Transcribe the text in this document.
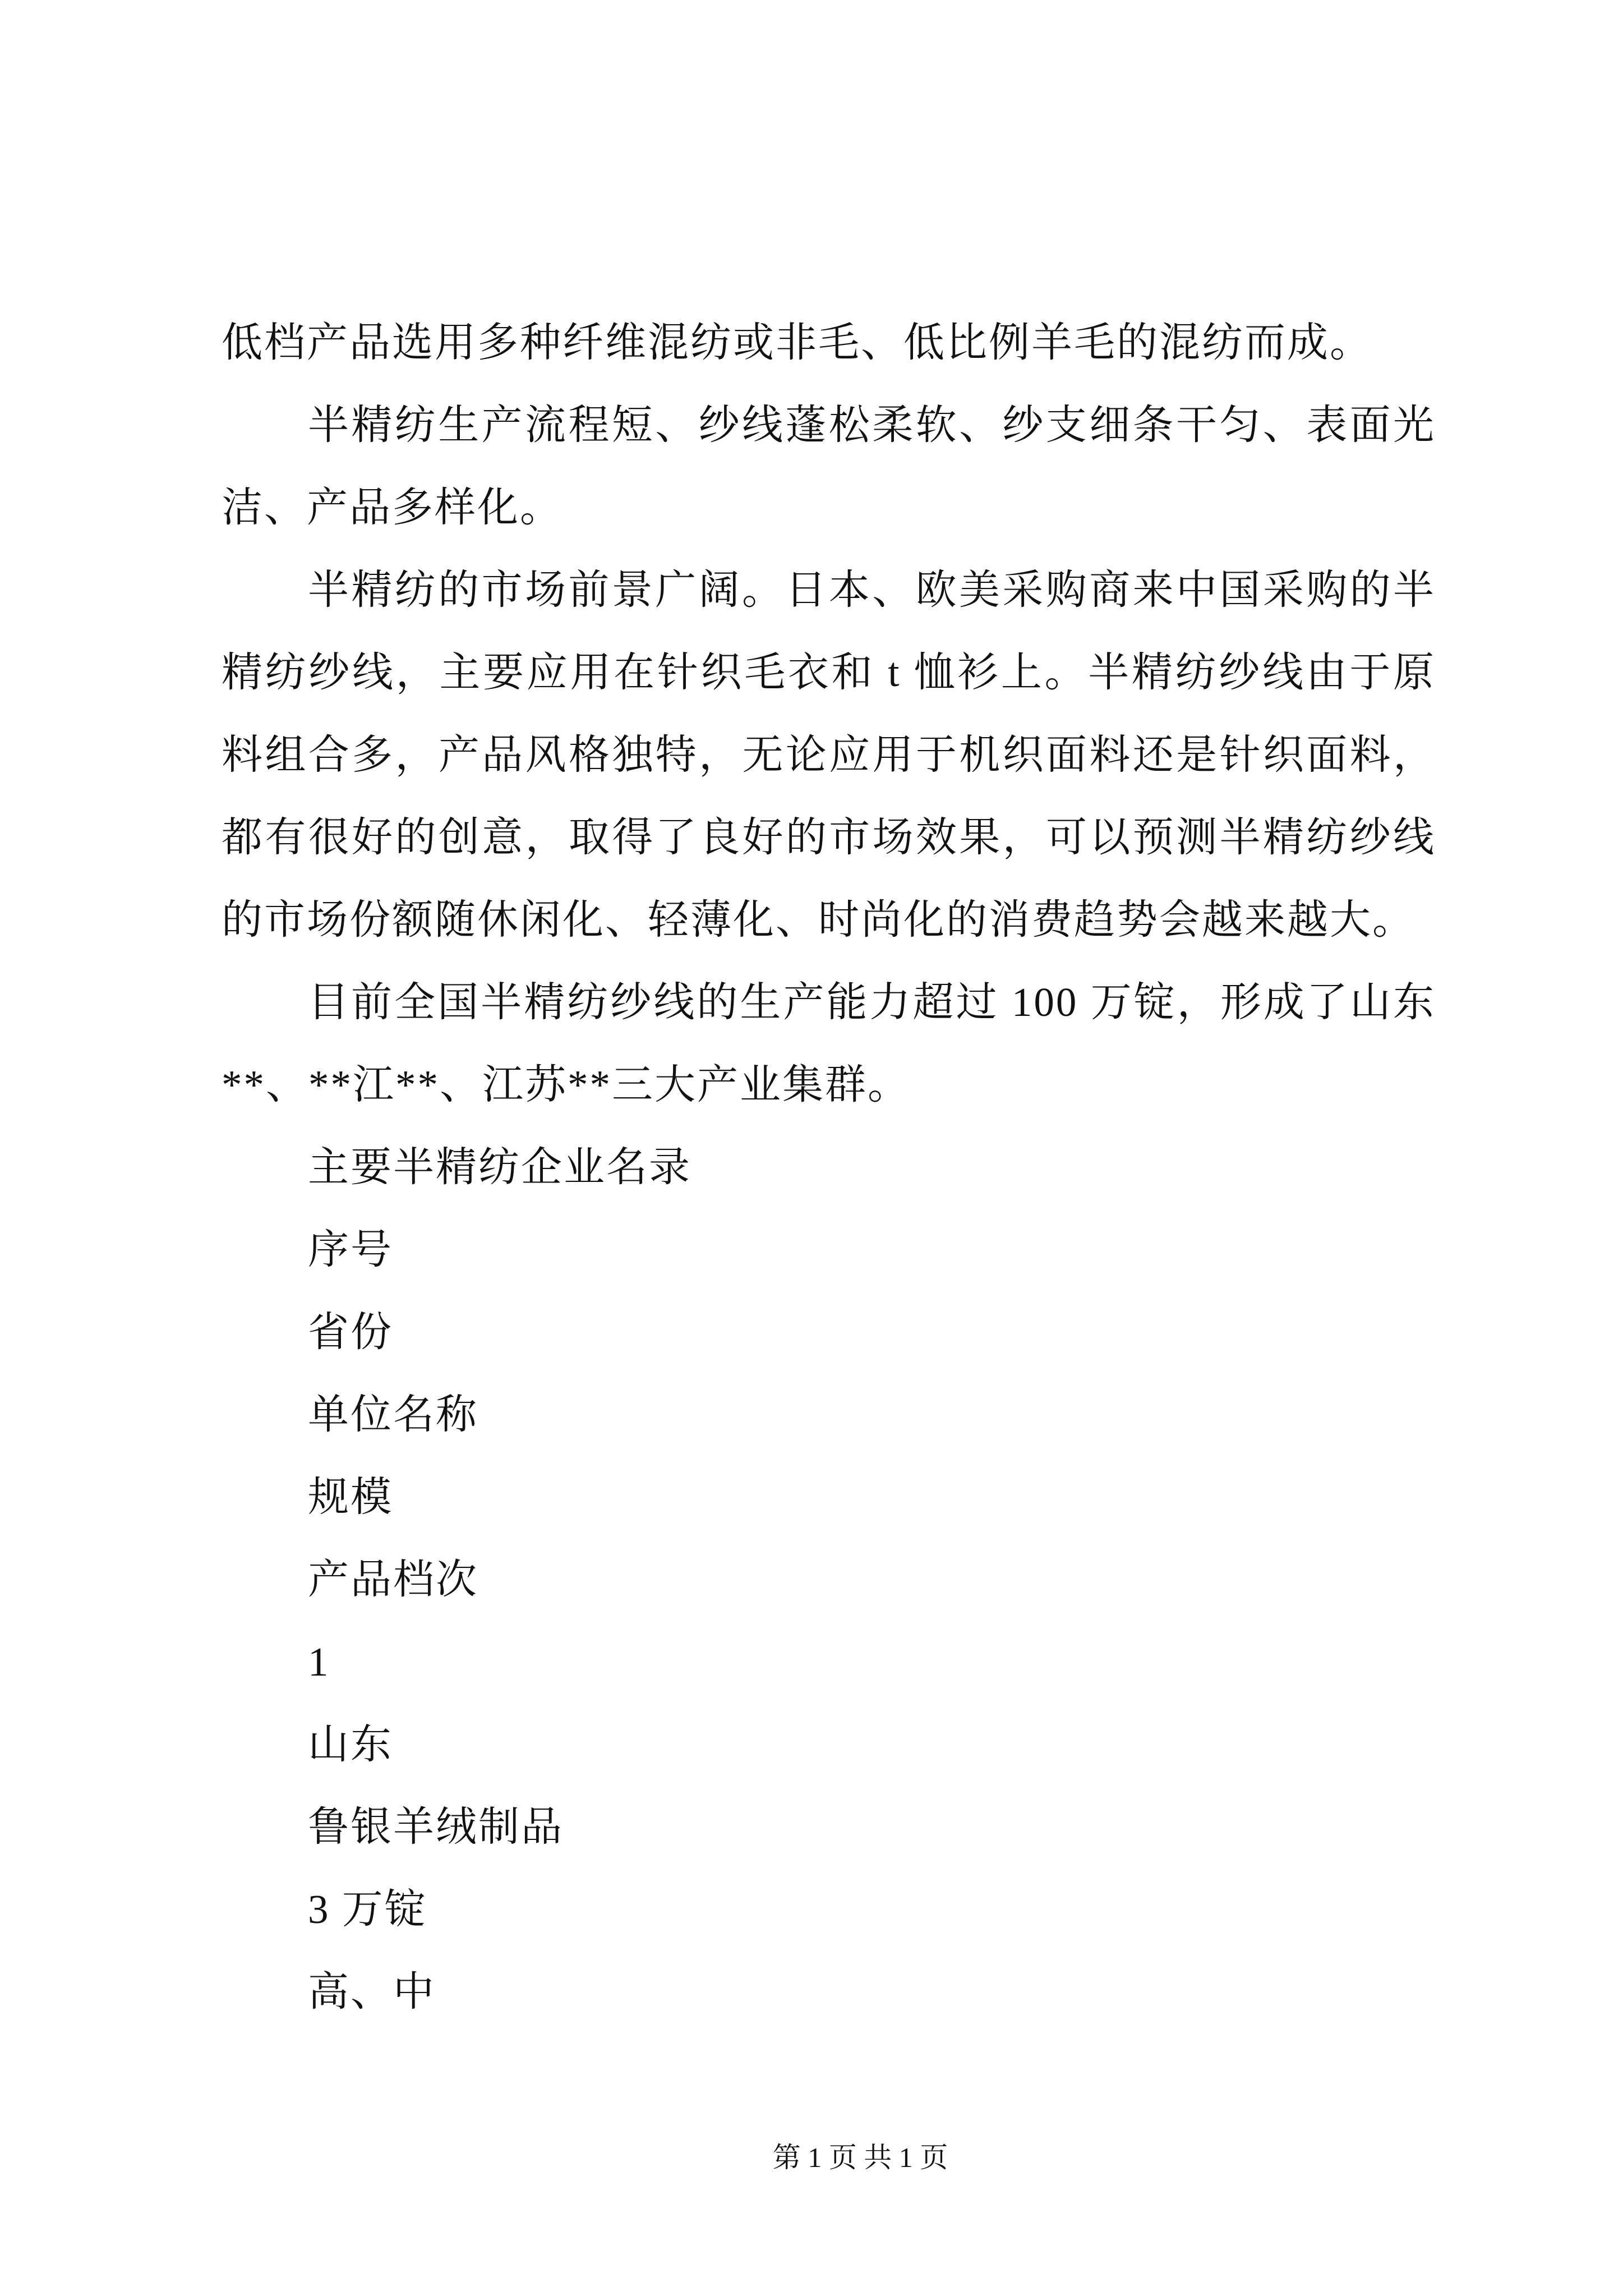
低档产品选用多种纤维混纺或非毛、低比例羊毛的混纺而成。
半精纺生产流程短、纱线蓬松柔软、纱支细条干匀、表面光
洁、产品多样化。
半精纺的市场前景广阔。日本、欧美采购商来中国采购的半
精纺纱线，主要应用在针织毛衣和 t 恤衫上。半精纺纱线由于原
料组合多，产品风格独特，无论应用于机织面料还是针织面料，
都有很好的创意，取得了良好的市场效果，可以预测半精纺纱线
的市场份额随休闲化、轻薄化、时尚化的消费趋势会越来越大。
目前全国半精纺纱线的生产能力超过 100 万锭，形成了山东
**、**江**、江苏**三大产业集群。
主要半精纺企业名录
序号
省份
单位名称
规模
产品档次
1
山东
鲁银羊绒制品
3 万锭
高、中
第 1 页 共 1 页
